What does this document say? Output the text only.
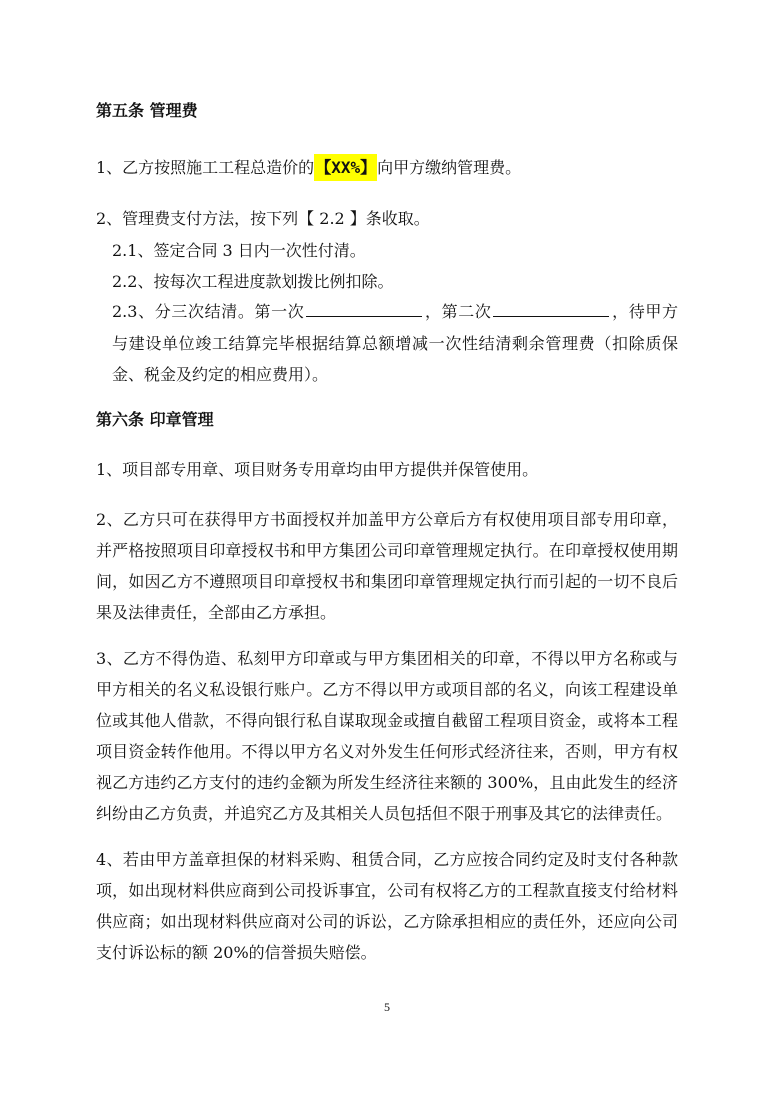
第五条 管理费
1、乙方按照施工工程总造价的【XX%】向甲方缴纳管理费。
2、管理费支付方法，按下列【 2.2 】条收取。
2.1、签定合同 3 日内一次性付清。
2.2、按每次工程进度款划拨比例扣除。
2.3、分三次结清。第一次	，第二次	，待甲方与建设单位竣工结算完毕根据结算总额增减一次性结清剩余管理费（扣除质保金、税金及约定的相应费用）。
第六条 印章管理
1、项目部专用章、项目财务专用章均由甲方提供并保管使用。
2、乙方只可在获得甲方书面授权并加盖甲方公章后方有权使用项目部专用印章，并严格按照项目印章授权书和甲方集团公司印章管理规定执行。在印章授权使用期间，如因乙方不遵照项目印章授权书和集团印章管理规定执行而引起的一切不良后果及法律责任，全部由乙方承担。
3、乙方不得伪造、私刻甲方印章或与甲方集团相关的印章，不得以甲方名称或与甲方相关的名义私设银行账户。乙方不得以甲方或项目部的名义，向该工程建设单位或其他人借款，不得向银行私自谋取现金或擅自截留工程项目资金，或将本工程项目资金转作他用。不得以甲方名义对外发生任何形式经济往来，否则，甲方有权视乙方违约乙方支付的违约金额为所发生经济往来额的 300%，且由此发生的经济纠纷由乙方负责，并追究乙方及其相关人员包括但不限于刑事及其它的法律责任。
4、若由甲方盖章担保的材料采购、租赁合同，乙方应按合同约定及时支付各种款项，如出现材料供应商到公司投诉事宜，公司有权将乙方的工程款直接支付给材料供应商；如出现材料供应商对公司的诉讼，乙方除承担相应的责任外，还应向公司支付诉讼标的额 20%的信誉损失赔偿。
5
